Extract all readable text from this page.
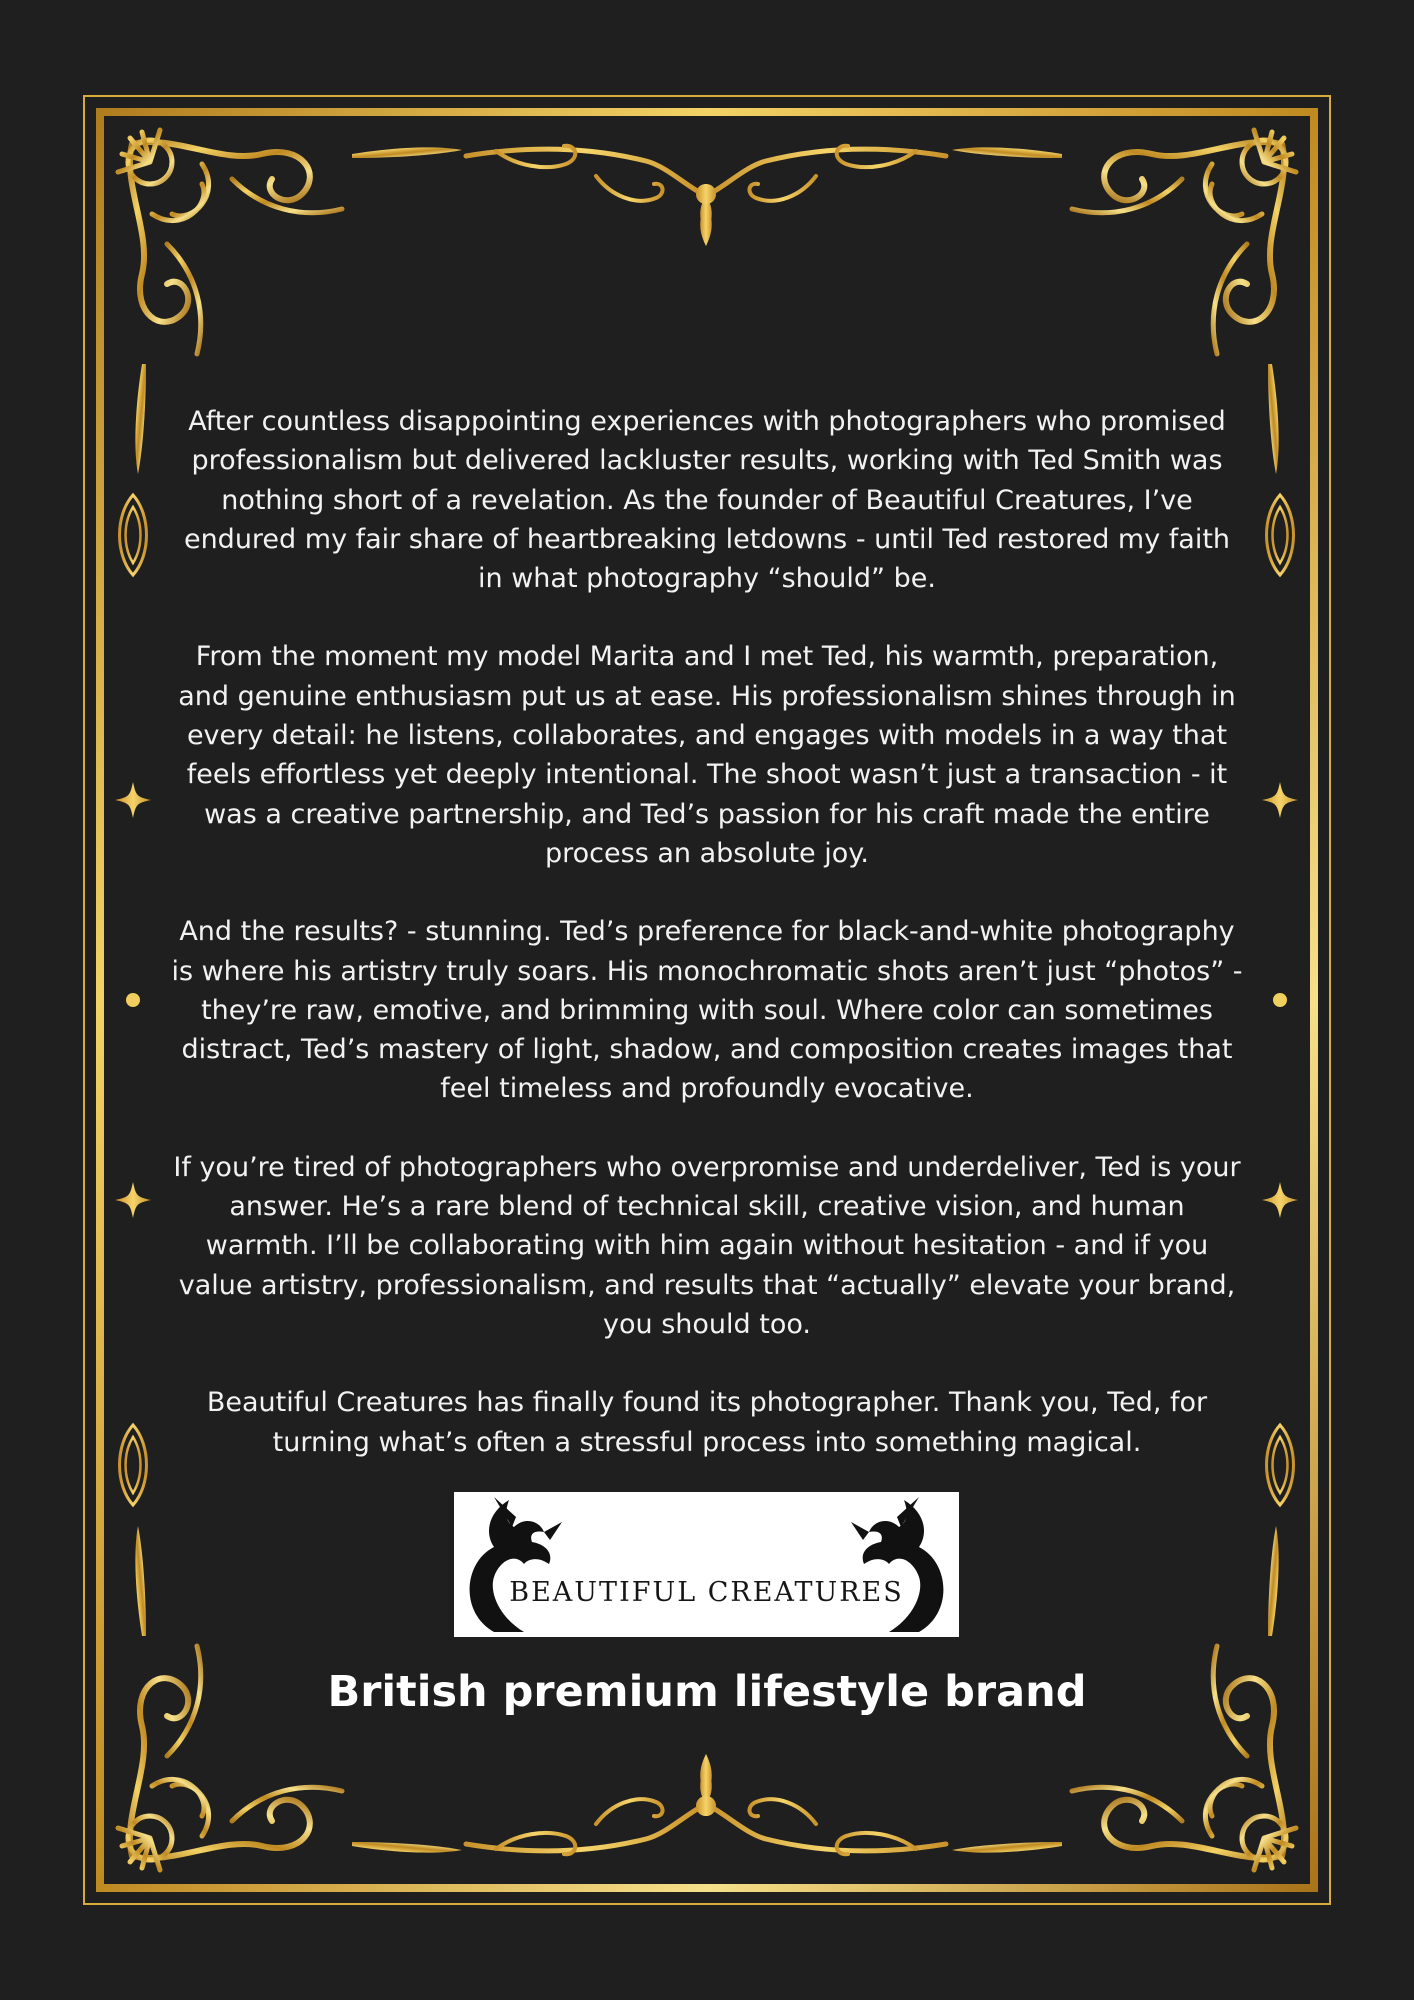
After countless disappointing experiences with photographers who promised professionalism but delivered lackluster results, working with Ted Smith was nothing short of a revelation. As the founder of Beautiful Creatures, I’ve endured my fair share of heartbreaking letdowns - until Ted restored my faith in what photography “should” be.

From the moment my model Marita and I met Ted, his warmth, preparation, and genuine enthusiasm put us at ease. His professionalism shines through in every detail: he listens, collaborates, and engages with models in a way that feels effortless yet deeply intentional. The shoot wasn’t just a transaction - it was a creative partnership, and Ted’s passion for his craft made the entire process an absolute joy.

And the results? - stunning. Ted’s preference for black-and-white photography is where his artistry truly soars. His monochromatic shots aren’t just “photos” - they’re raw, emotive, and brimming with soul. Where color can sometimes distract, Ted’s mastery of light, shadow, and composition creates images that feel timeless and profoundly evocative.

If you’re tired of photographers who overpromise and underdeliver, Ted is your answer. He’s a rare blend of technical skill, creative vision, and human warmth. I’ll be collaborating with him again without hesitation - and if you value artistry, professionalism, and results that “actually” elevate your brand, you should too.

Beautiful Creatures has finally found its photographer. Thank you, Ted, for turning what’s often a stressful process into something magical.

BEAUTIFUL CREATURES
British premium lifestyle brand
